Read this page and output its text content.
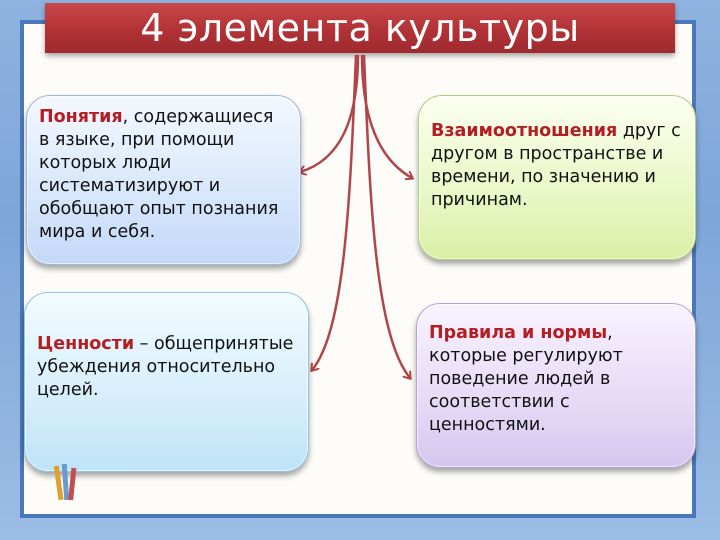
4 элемента культуры
Понятия, содержащиеся в языке, при помощи которых люди систематизируют и обобщают опыт познания мира и себя.
Взаимоотношения друг с другом в пространстве и времени, по значению и причинам.
Ценности – общепринятые убеждения относительно целей.
Правила и нормы, которые регулируют поведение людей в соответствии с ценностями.
